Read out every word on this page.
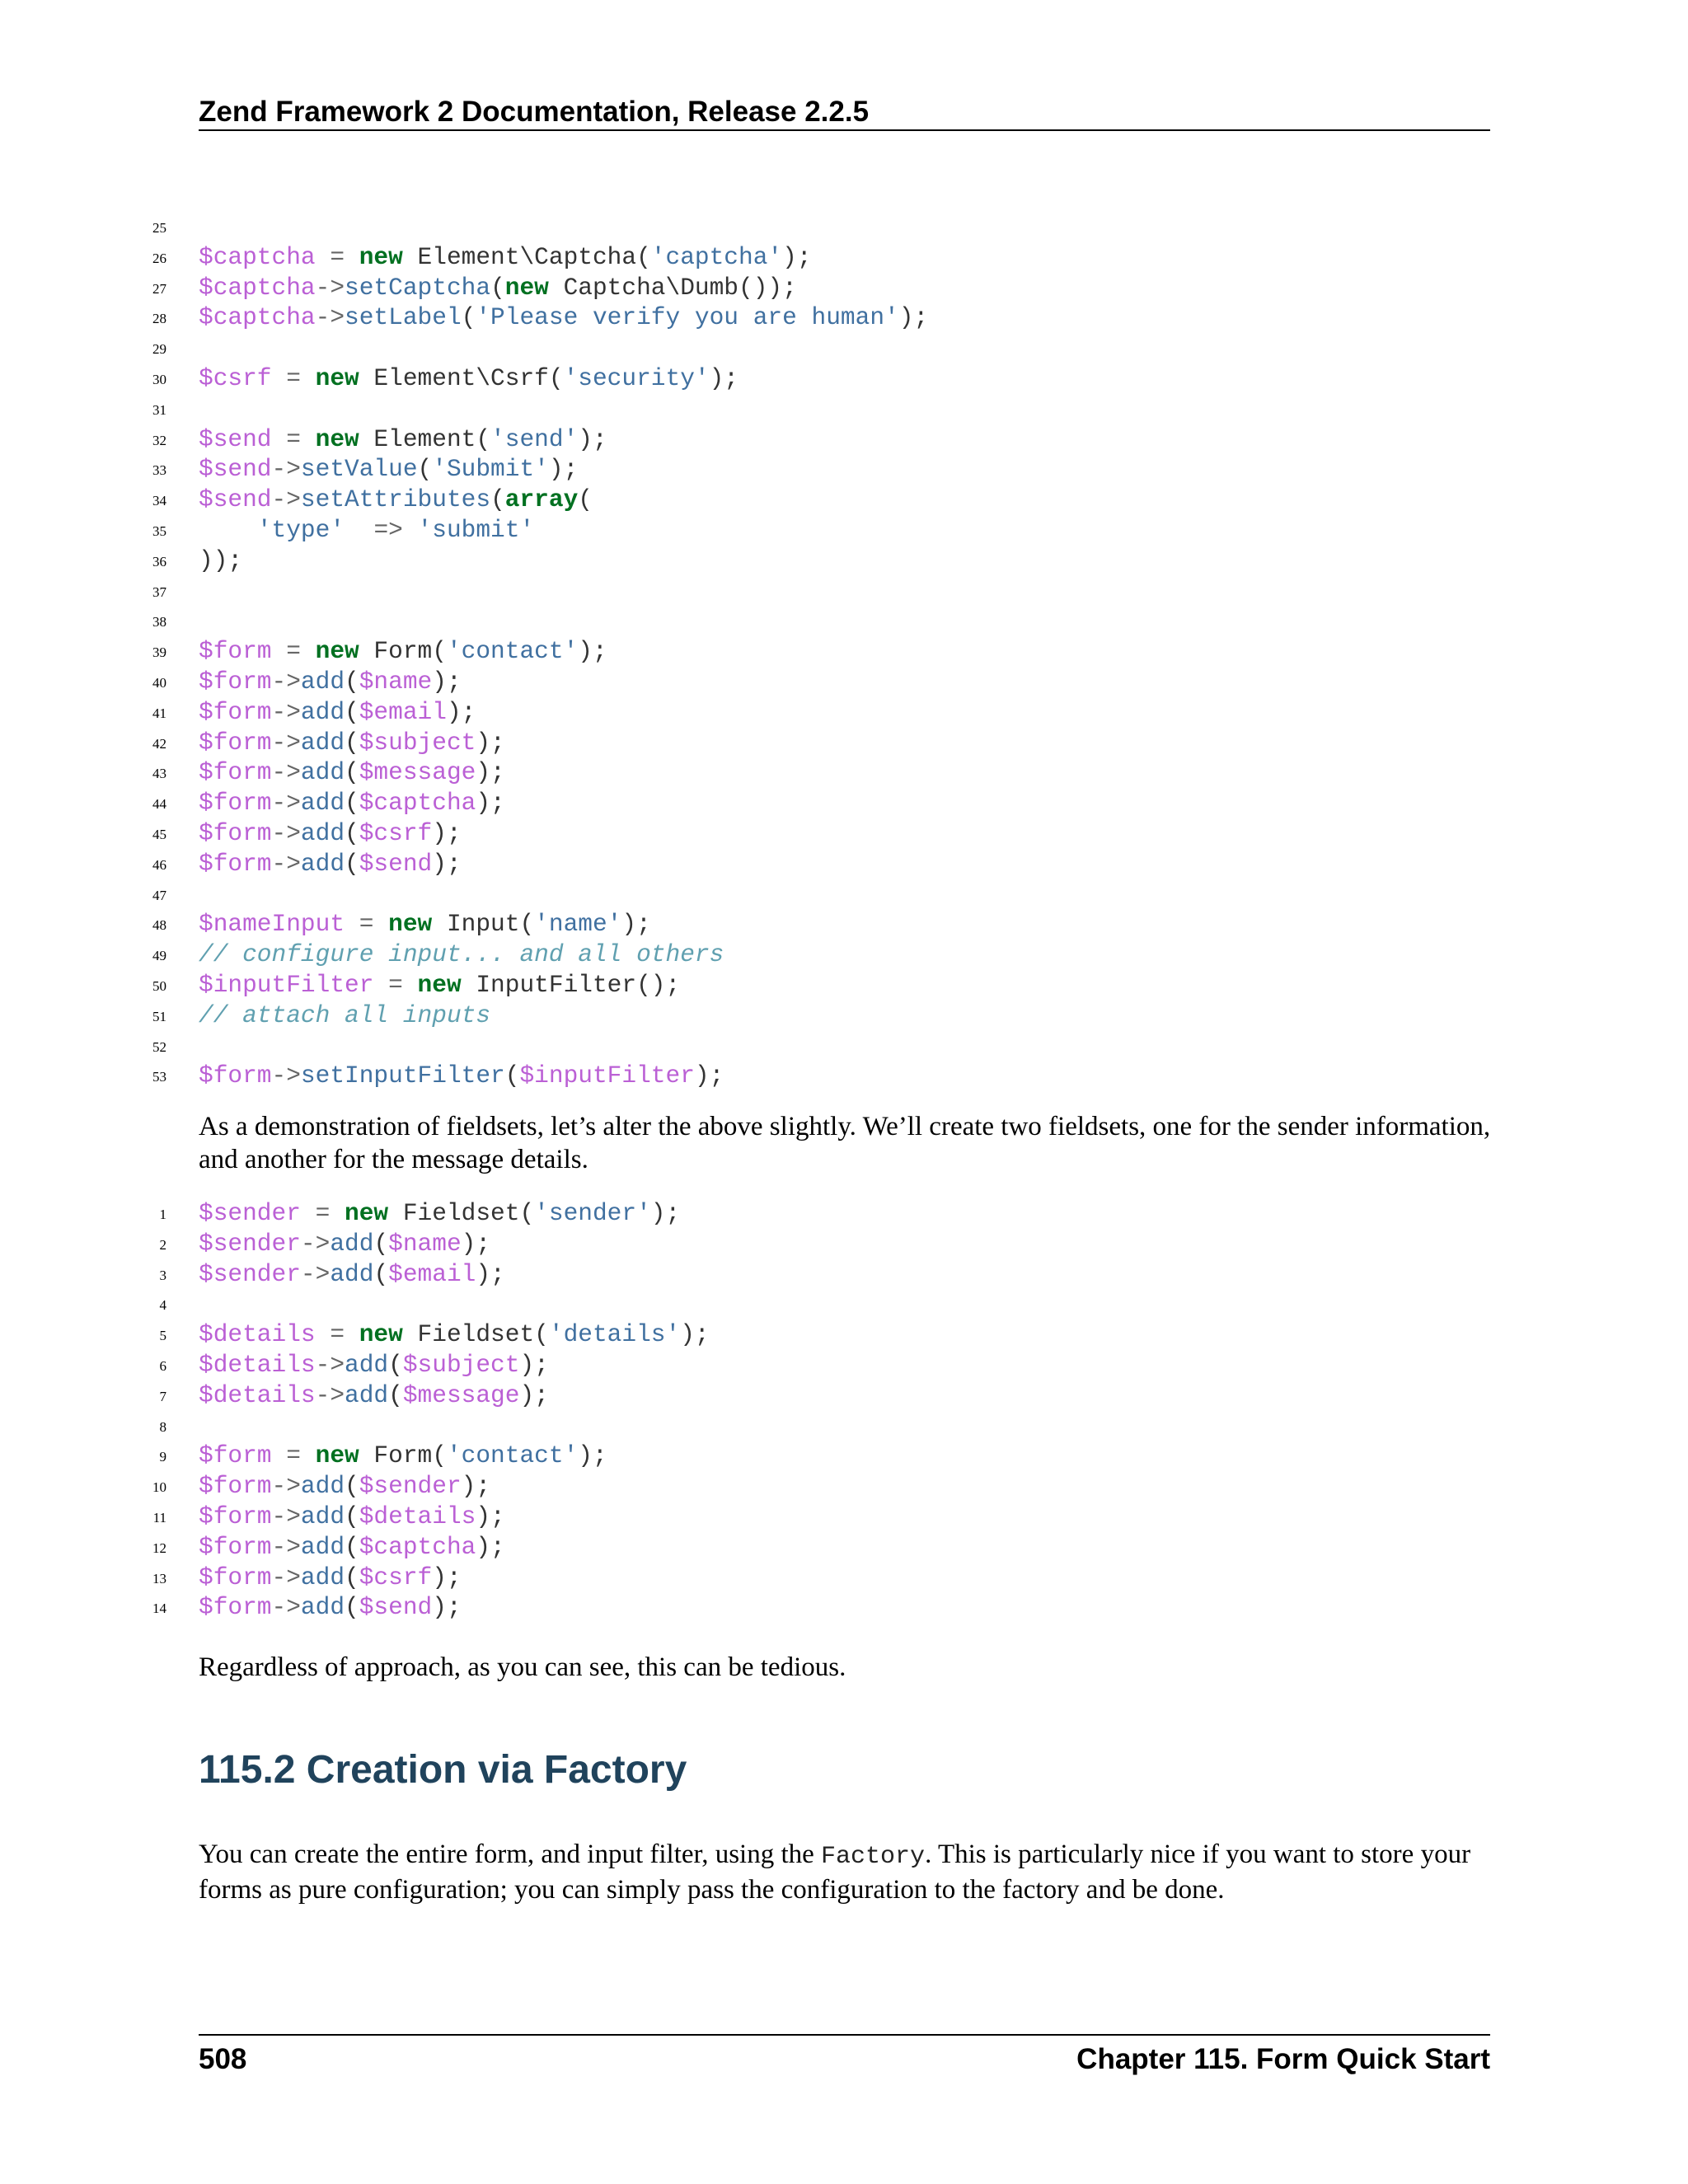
Zend Framework 2 Documentation, Release 2.2.5
25
26 $captcha = new Element\Captcha('captcha');
27 $captcha->setCaptcha(new Captcha\Dumb());
28 $captcha->setLabel('Please verify you are human');
29
30 $csrf = new Element\Csrf('security');
31
32 $send = new Element('send');
33 $send->setValue('Submit');
34 $send->setAttributes(array(
35	'type' => 'submit'
36 ));
37
38
39 $form = new Form('contact');
40 $form->add($name);
41 $form->add($email);
42 $form->add($subject);
43 $form->add($message);
44 $form->add($captcha);
45 $form->add($csrf);
46 $form->add($send);
47
48 $nameInput = new Input('name');
49 // configure input... and all others
50 $inputFilter = new InputFilter();
51 // attach all inputs
52
53 $form->setInputFilter($inputFilter);
As a demonstration of fieldsets, let’s alter the above slightly. We’ll create two fieldsets, one for the sender information, and another for the message details.
1 $sender = new Fieldset('sender');
2 $sender->add($name);
3 $sender->add($email);
4
5 $details = new Fieldset('details');
6 $details->add($subject);
7 $details->add($message);
8
9 $form = new Form('contact');
10 $form->add($sender);
11 $form->add($details);
12 $form->add($captcha);
13 $form->add($csrf);
14 $form->add($send);
Regardless of approach, as you can see, this can be tedious.
115.2 Creation via Factory
You can create the entire form, and input filter, using the Factory. This is particularly nice if you want to store your forms as pure configuration; you can simply pass the configuration to the factory and be done.
508	Chapter 115. Form Quick Start
